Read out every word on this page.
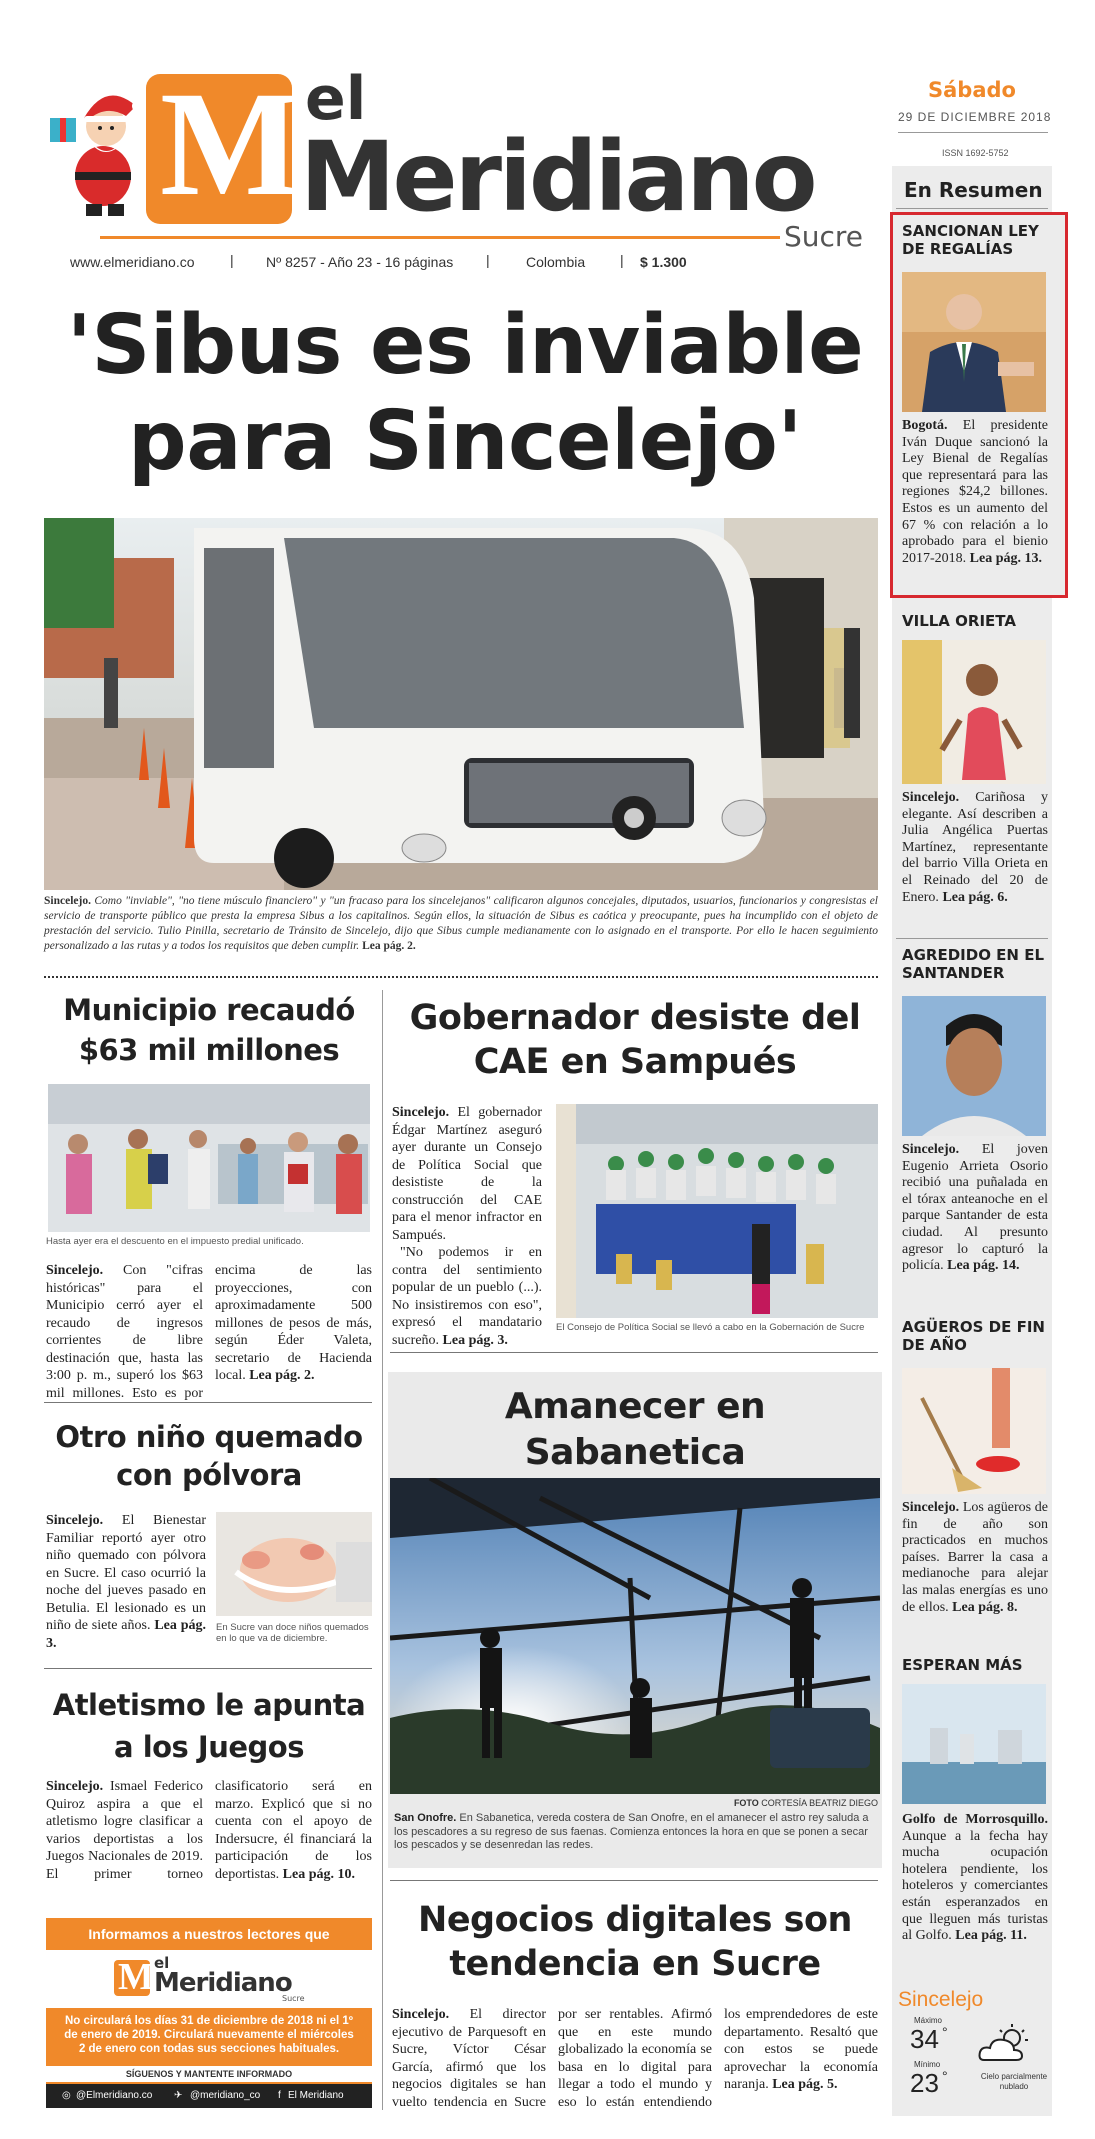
M el
Meridiano
Sucre
www.elmeridiano.co	| Nº 8257 - Año 23 - 16 páginas |	Colombia | $ 1.300
Sábado
29 DE DICIEMBRE 2018
ISSN 1692-5752
'Sibus es inviable
para Sincelejo'
Sincelejo. Como "inviable", "no tiene músculo financiero" y "un fracaso para los sincelejanos" calificaron algunos concejales, diputados, usuarios, funcionarios y congresistas el servicio de transporte público que presta la empresa Sibus a los capitalinos. Según ellos, la situación de Sibus es caótica y preocupante, pues ha incumplido con el objeto de prestación del servicio. Tulio Pinilla, secretario de Tránsito de Sincelejo, dijo que Sibus cumple medianamente con lo asignado en el transporte. Por ello le hacen seguimiento personalizado a las rutas y a todos los requisitos que deben cumplir. Lea pág. 2.
Municipio recaudó $63 mil millones
Hasta ayer era el descuento en el impuesto predial unificado.
Sincelejo. Con "cifras históricas" para el Municipio cerró ayer el recaudo de ingresos corrientes de libre destinación que, hasta las 3:00 p. m., superó los $63 mil millones. Esto es por encima de las proyecciones, con aproximadamente 500 millones de pesos de más, según Éder Valeta, secretario de Hacienda local. Lea pág. 2.
Otro niño quemado con pólvora
Sincelejo. El Bienestar Familiar reportó ayer otro niño quemado con pólvora en Sucre. El caso ocurrió la noche del jueves pasado en Betulia. El lesionado es un niño de siete años. Lea pág. 3.
En Sucre van doce niños quemados en lo que va de diciembre.
Atletismo le apunta a los Juegos
Sincelejo. Ismael Federico Quiroz aspira a que el atletismo logre clasificar a varios deportistas a los Juegos Nacionales de 2019. El primer torneo clasificatorio será en marzo. Explicó que si no cuenta con el apoyo de Indersucre, él financiará la participación de los deportistas. Lea pág. 10.
Informamos a nuestros lectores que
M el
Meridiano
Sucre
No circulará los días 31 de diciembre de 2018 ni el 1º de enero de 2019. Circulará nuevamente el miércoles 2 de enero con todas sus secciones habituales.
SÍGUENOS Y MANTENTE INFORMADO
◎ @Elmeridiano.co ✈ @meridiano_co f El Meridiano
Gobernador desiste del CAE en Sampués
Sincelejo. El gobernador Édgar Martínez aseguró ayer durante un Consejo de Política Social que desististe de la construcción del CAE para el menor infractor en Sampués.
"No podemos ir en contra del sentimiento popular de un pueblo (...). No insistiremos con eso", expresó el mandatario sucreño. Lea pág. 3.
El Consejo de Política Social se llevó a cabo en la Gobernación de Sucre
Amanecer en Sabanetica
FOTO CORTESÍA BEATRIZ DIEGO
San Onofre. En Sabanetica, vereda costera de San Onofre, en el amanecer el astro rey saluda a los pescadores a su regreso de sus faenas. Comienza entonces la hora en que se ponen a secar los pescados y se desenredan las redes.
Negocios digitales son tendencia en Sucre
Sincelejo. El director ejecutivo de Parquesoft en Sucre, Víctor César García, afirmó que los negocios digitales se han vuelto tendencia en Sucre por ser rentables. Afirmó que en este mundo globalizado la economía se basa en lo digital para llegar a todo el mundo y eso lo están entendiendo los emprendedores de este departamento. Resaltó que con estos se puede aprovechar la economía naranja. Lea pág. 5.
En Resumen
SANCIONAN LEY DE REGALÍAS
Bogotá. El presidente Iván Duque sancionó la Ley Bienal de Regalías que representará para las regiones $24,2 billones. Estos es un aumento del 67 % con relación a lo aprobado para el bienio 2017-2018. Lea pág. 13.
VILLA ORIETA
Sincelejo. Cariñosa y elegante. Así describen a Julia Angélica Puertas Martínez, representante del barrio Villa Orieta en el Reinado del 20 de Enero. Lea pág. 6.
AGREDIDO EN EL SANTANDER
Sincelejo. El joven Eugenio Arrieta Osorio recibió una puñalada en el tórax anteanoche en el parque Santander de esta ciudad. Al presunto agresor lo capturó la policía. Lea pág. 14.
AGÜEROS DE FIN DE AÑO
Sincelejo. Los agüeros de fin de año son practicados en muchos países. Barrer la casa a medianoche para alejar las malas energías es uno de ellos. Lea pág. 8.
ESPERAN MÁS
Golfo de Morrosquillo. Aunque a la fecha hay mucha ocupación hotelera pendiente, los hoteleros y comerciantes están esperanzados en que lleguen más turistas al Golfo. Lea pág. 11.
Sincelejo
Máximo
34 °
Mínimo
23 °	Cielo parcialmente nublado
